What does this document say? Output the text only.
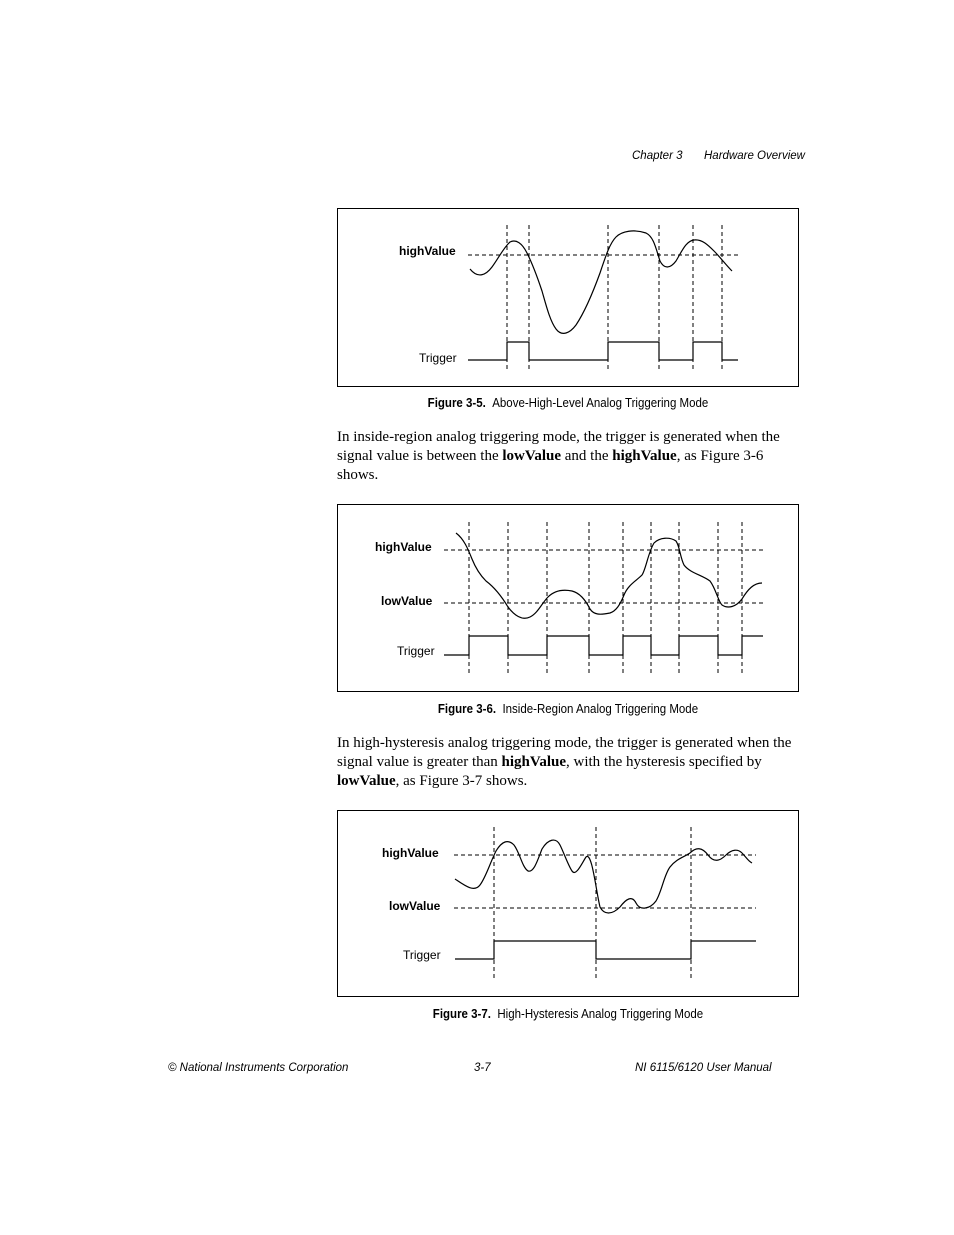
Chapter 3 Hardware Overview
highValue
Trigger
Figure 3-5. Above-High-Level Analog Triggering Mode
In inside-region analog triggering mode, the trigger is generated when the signal value is between the lowValue and the highValue, as Figure 3-6 shows.
highValue
lowValue
Trigger
Figure 3-6. Inside-Region Analog Triggering Mode
In high-hysteresis analog triggering mode, the trigger is generated when the signal value is greater than highValue, with the hysteresis specified by lowValue, as Figure 3-7 shows.
highValue
lowValue
Trigger
Figure 3-7. High-Hysteresis Analog Triggering Mode
© National Instruments Corporation	3-7	NI 6115/6120 User Manual
